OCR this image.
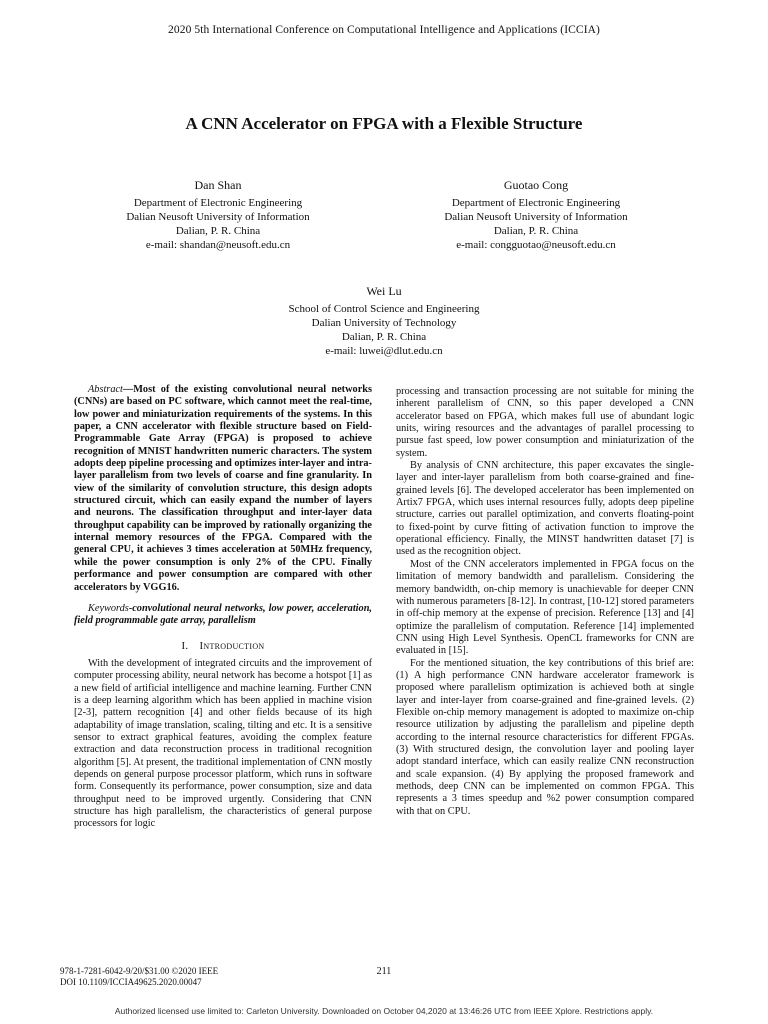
2020 5th International Conference on Computational Intelligence and Applications (ICCIA)
A CNN Accelerator on FPGA with a Flexible Structure
Dan Shan
Department of Electronic Engineering
Dalian Neusoft University of Information
Dalian, P. R. China
e-mail: shandan@neusoft.edu.cn
Guotao Cong
Department of Electronic Engineering
Dalian Neusoft University of Information
Dalian, P. R. China
e-mail: congguotao@neusoft.edu.cn
Wei Lu
School of Control Science and Engineering
Dalian University of Technology
Dalian, P. R. China
e-mail: luwei@dlut.edu.cn

Abstract—Most of the existing convolutional neural networks (CNNs) are based on PC software, which cannot meet the real-time, low power and miniaturization requirements of the systems. In this paper, a CNN accelerator with flexible structure based on Field-Programmable Gate Array (FPGA) is proposed to achieve recognition of MNIST handwritten numeric characters. The system adopts deep pipeline processing and optimizes inter-layer and intra-layer parallelism from two levels of coarse and fine granularity. In view of the similarity of convolution structure, this design adopts structured circuit, which can easily expand the number of layers and neurons. The classification throughput and inter-layer data throughput capability can be improved by rationally organizing the internal memory resources of the FPGA. Compared with the general CPU, it achieves 3 times acceleration at 50MHz frequency, while the power consumption is only 2% of the CPU. Finally performance and power consumption are compared with other accelerators by VGG16.

Keywords-convolutional neural networks, low power, acceleration, field programmable gate array, parallelism

I. Introduction

With the development of integrated circuits and the improvement of computer processing ability, neural network has become a hotspot [1] as a new field of artificial intelligence and machine learning. Further CNN is a deep learning algorithm which has been applied in machine vision [2-3], pattern recognition [4] and other fields because of its high adaptability of image translation, scaling, tilting and etc. It is a sensitive sensor to extract graphical features, avoiding the complex feature extraction and data reconstruction process in traditional recognition algorithm [5]. At present, the traditional implementation of CNN mostly depends on general purpose processor platform, which runs in software form. Consequently its performance, power consumption, size and data throughput need to be improved urgently. Considering that CNN structure has high parallelism, the characteristics of general purpose processors for logic

processing and transaction processing are not suitable for mining the inherent parallelism of CNN, so this paper developed a CNN accelerator based on FPGA, which makes full use of abundant logic units, wiring resources and the advantages of parallel processing to pursue fast speed, low power consumption and miniaturization of the system.

By analysis of CNN architecture, this paper excavates the single-layer and inter-layer parallelism from both coarse-grained and fine-grained levels [6]. The developed accelerator has been implemented on Artix7 FPGA, which uses internal resources fully, adopts deep pipeline structure, carries out parallel optimization, and converts floating-point to fixed-point by curve fitting of activation function to improve the operational efficiency. Finally, the MINST handwritten dataset [7] is used as the recognition object.

Most of the CNN accelerators implemented in FPGA focus on the limitation of memory bandwidth and parallelism. Considering the memory bandwidth, on-chip memory is unachievable for deeper CNN with numerous parameters [8-12]. In contrast, [10-12] stored parameters in off-chip memory at the expense of precision. Reference [13] and [4] optimize the parallelism of computation. Reference [14] implemented CNN using High Level Synthesis. OpenCL frameworks for CNN are evaluated in [15].

For the mentioned situation, the key contributions of this brief are: (1) A high performance CNN hardware accelerator framework is proposed where parallelism optimization is achieved both at single layer and inter-layer from coarse-grained and fine-grained levels. (2) Flexible on-chip memory management is adopted to maximize on-chip resource utilization by adjusting the parallelism and pipeline depth according to the internal resource characteristics for different FPGAs. (3) With structured design, the convolution layer and pooling layer adopt standard interface, which can easily realize CNN reconstruction and scale expansion. (4) By applying the proposed framework and methods, deep CNN can be implemented on common FPGA. This represents a 3 times speedup and %2 power consumption compared with that on CPU.

978-1-7281-6042-9/20/$31.00 ©2020 IEEE
DOI 10.1109/ICCIA49625.2020.00047
211
Authorized licensed use limited to: Carleton University. Downloaded on October 04,2020 at 13:46:26 UTC from IEEE Xplore. Restrictions apply.
